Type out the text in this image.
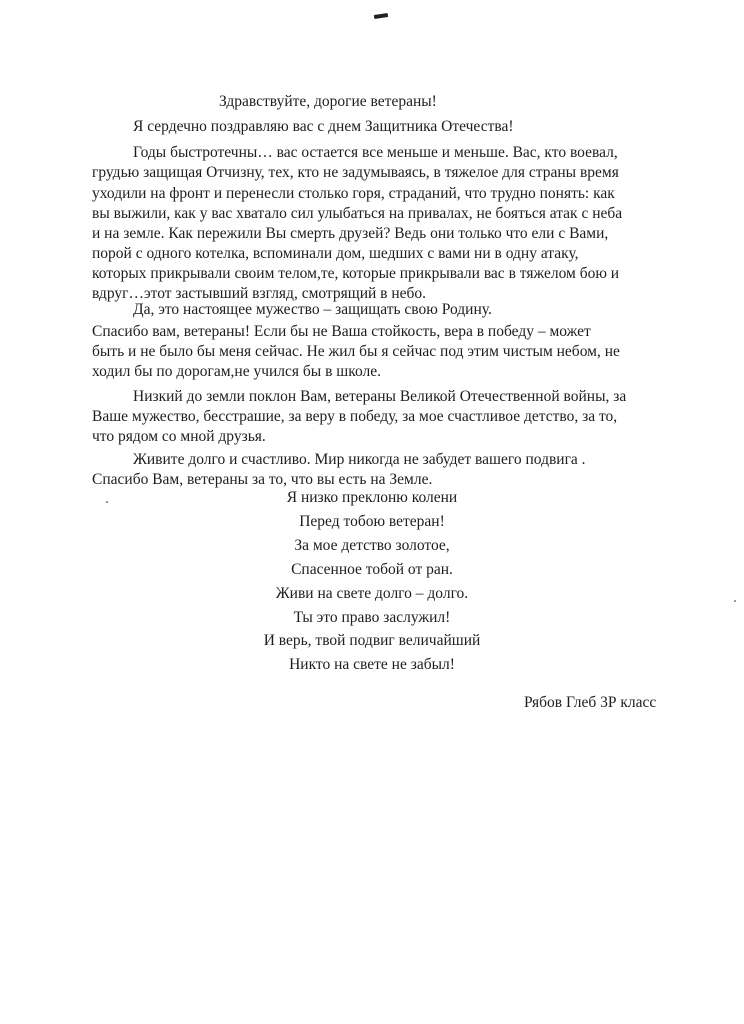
Здравствуйте, дорогие ветераны!
Я сердечно поздравляю вас с днем Защитника Отечества!
Годы быстротечны… вас остается все меньше и меньше. Вас, кто воевал,
грудью защищая Отчизну, тех, кто не задумываясь, в тяжелое для страны время
уходили на фронт и перенесли столько горя, страданий, что трудно понять: как
вы выжили, как у вас хватало сил улыбаться на привалах, не бояться атак с неба
и на земле. Как пережили Вы смерть друзей? Ведь они только что ели с Вами,
порой с одного котелка, вспоминали дом, шедших с вами ни в одну атаку,
которых прикрывали своим телом,те, которые прикрывали вас в тяжелом бою и
вдруг…этот застывший взгляд, смотрящий в небо.
Да, это настоящее мужество – защищать свою Родину.
Спасибо вам, ветераны! Если бы не Ваша стойкость, вера в победу – может
быть и не было бы меня сейчас. Не жил бы я сейчас под этим чистым небом, не
ходил бы по дорогам,не учился бы в школе.
Низкий до земли поклон Вам, ветераны Великой Отечественной войны, за
Ваше мужество, бесстрашие, за веру в победу, за мое счастливое детство, за то,
что рядом со мной друзья.
Живите долго и счастливо. Мир никогда не забудет вашего подвига .
Спасибо Вам, ветераны за то, что вы есть на Земле.
Я низко преклоню колени
Перед тобою ветеран!
За мое детство золотое,
Спасенное тобой от ран.
Живи на свете долго – долго.
Ты это право заслужил!
И верь, твой подвиг величайший
Никто на свете не забыл!
Рябов Глеб 3Р класс
